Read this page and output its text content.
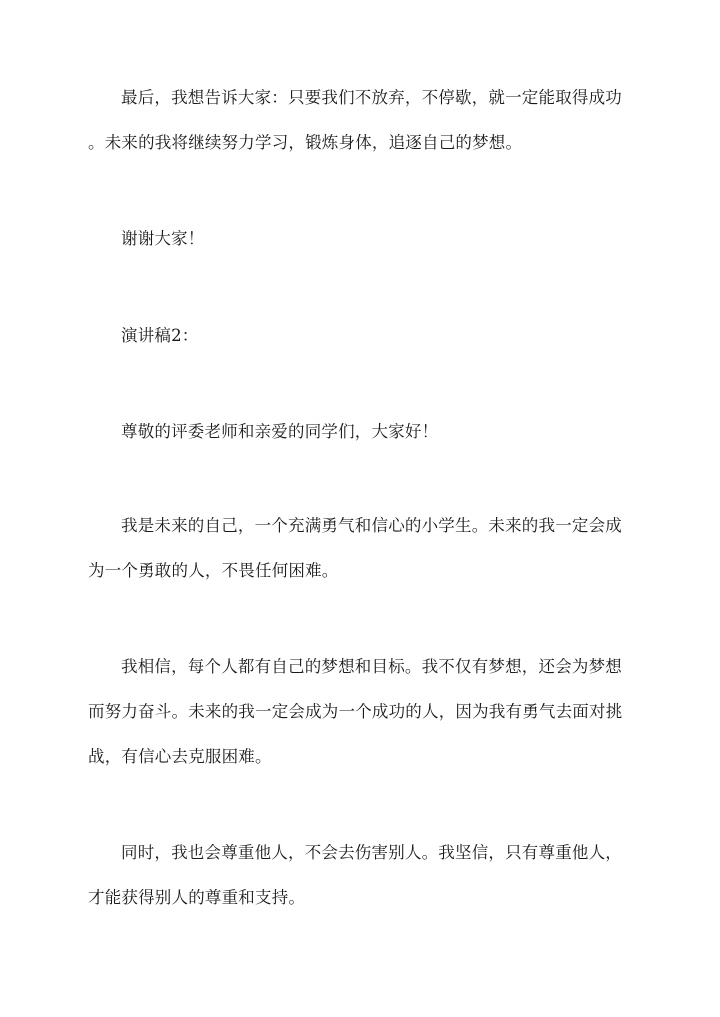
最后，我想告诉大家：只要我们不放弃，不停歇，就一定能取得成功
。未来的我将继续努力学习，锻炼身体，追逐自己的梦想。
谢谢大家！
演讲稿2：
尊敬的评委老师和亲爱的同学们，大家好！
我是未来的自己，一个充满勇气和信心的小学生。未来的我一定会成
为一个勇敢的人，不畏任何困难。
我相信，每个人都有自己的梦想和目标。我不仅有梦想，还会为梦想
而努力奋斗。未来的我一定会成为一个成功的人，因为我有勇气去面对挑
战，有信心去克服困难。
同时，我也会尊重他人，不会去伤害别人。我坚信，只有尊重他人，
才能获得别人的尊重和支持。
